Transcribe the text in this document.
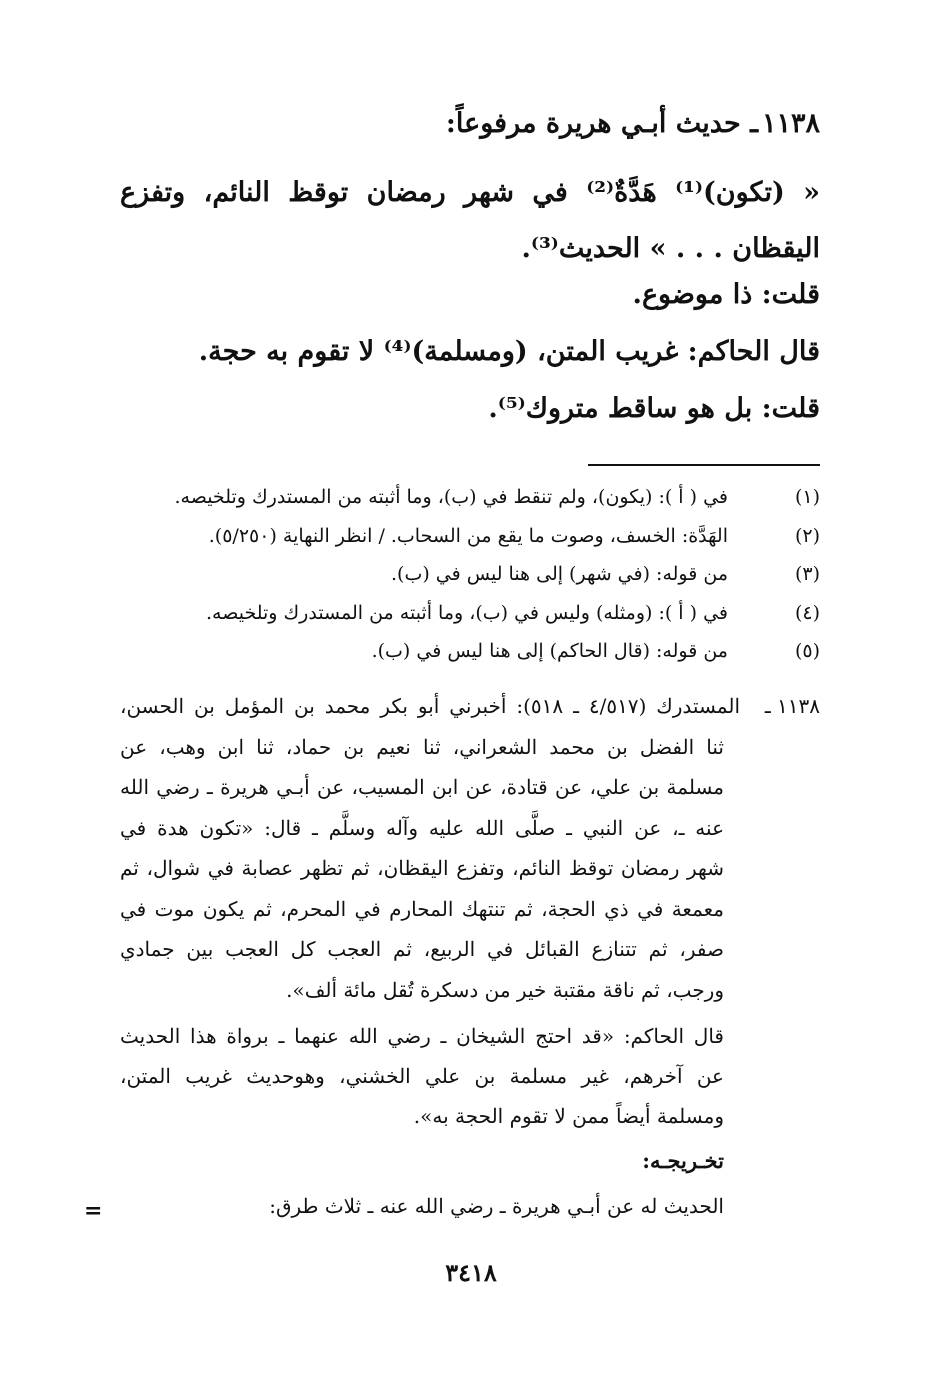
١١٣٨ـ حديث أبـي هريرة مرفوعاً:
« (تكون)⁽¹⁾ هَدَّةٌ⁽²⁾ في شهر رمضان توقظ النائم، وتفزع
اليقظان . . . » الحديث⁽³⁾.
قلت: ذا موضوع.
قال الحاكم: غريب المتن، (ومسلمة)⁽⁴⁾ لا تقوم به حجة.
قلت: بل هو ساقط متروك⁽⁵⁾.
(١)
في ( أ ): (يكون)، ولم تنقط في (ب)، وما أثبته من المستدرك وتلخيصه.
(٢)
الهَدَّة: الخسف، وصوت ما يقع من السحاب. / انظر النهاية (٥/٢٥٠).
(٣)
من قوله: (في شهر) إلى هنا ليس في (ب).
(٤)
في ( أ ): (ومثله) وليس في (ب)، وما أثبته من المستدرك وتلخيصه.
(٥)
من قوله: (قال الحاكم) إلى هنا ليس في (ب).
١١٣٨ ـ
المستدرك (٤/٥١٧ ـ ٥١٨): أخبرني أبو بكر محمد بن المؤمل بن الحسن،
ثنا الفضل بن محمد الشعراني، ثنا نعيم بن حماد، ثنا ابن وهب، عن
مسلمة بن علي، عن قتادة، عن ابن المسيب، عن أبـي هريرة ـ رضي الله
عنه ـ، عن النبي ـ صلَّى الله عليه وآله وسلَّم ـ قال: «تكون هدة في
شهر رمضان توقظ النائم، وتفزع اليقظان، ثم تظهر عصابة في شوال، ثم
معمعة في ذي الحجة، ثم تنتهك المحارم في المحرم، ثم يكون موت في
صفر، ثم تتنازع القبائل في الربيع، ثم العجب كل العجب بين جمادي
ورجب، ثم ناقة مقتبة خير من دسكرة تُقل مائة ألف».
قال الحاكم: «قد احتج الشيخان ـ رضي الله عنهما ـ برواة هذا الحديث
عن آخرهم، غير مسلمة بن علي الخشني، وهوحديث غريب المتن،
ومسلمة أيضاً ممن لا تقوم الحجة به».
تخـريجـه:
الحديث له عن أبـي هريرة ـ رضي الله عنه ـ ثلاث طرق:
=
٣٤١٨
